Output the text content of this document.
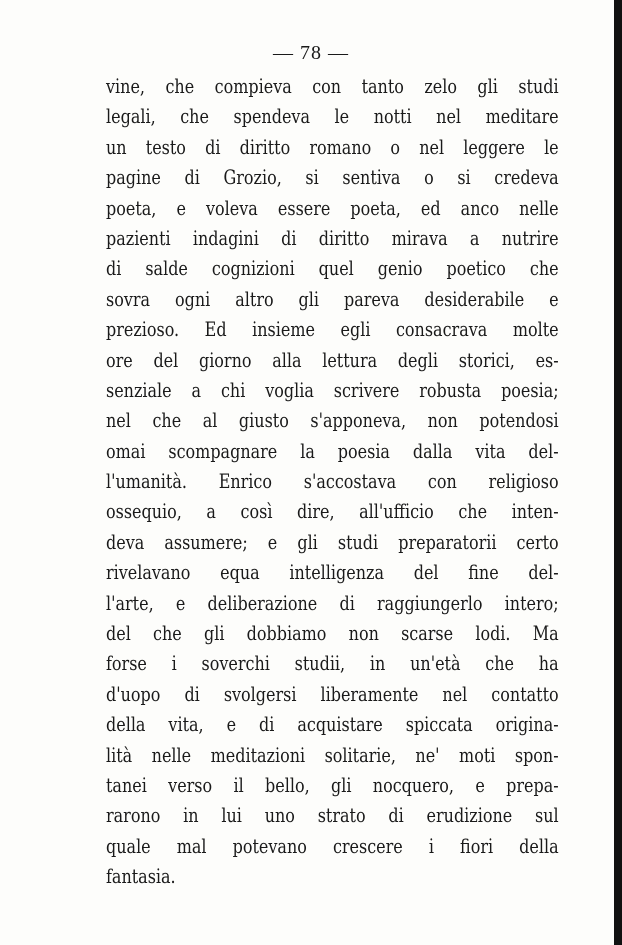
— 78 —
vine, che compieva con tanto zelo gli studi
legali, che spendeva le notti nel meditare
un testo di diritto romano o nel leggere le
pagine di Grozio, si sentiva o si credeva
poeta, e voleva essere poeta, ed anco nelle
pazienti indagini di diritto mirava a nutrire
di salde cognizioni quel genio poetico che
sovra ogni altro gli pareva desiderabile e
prezioso. Ed insieme egli consacrava molte
ore del giorno alla lettura degli storici, es-
senziale a chi voglia scrivere robusta poesia;
nel che al giusto s'apponeva, non potendosi
omai scompagnare la poesia dalla vita del-
l'umanità. Enrico s'accostava con religioso
ossequio, a così dire, all'ufficio che inten-
deva assumere; e gli studi preparatorii certo
rivelavano equa intelligenza del fine del-
l'arte, e deliberazione di raggiungerlo intero;
del che gli dobbiamo non scarse lodi. Ma
forse i soverchi studii, in un'età che ha
d'uopo di svolgersi liberamente nel contatto
della vita, e di acquistare spiccata origina-
lità nelle meditazioni solitarie, ne' moti spon-
tanei verso il bello, gli nocquero, e prepa-
rarono in lui uno strato di erudizione sul
quale mal potevano crescere i fiori della
fantasia.
